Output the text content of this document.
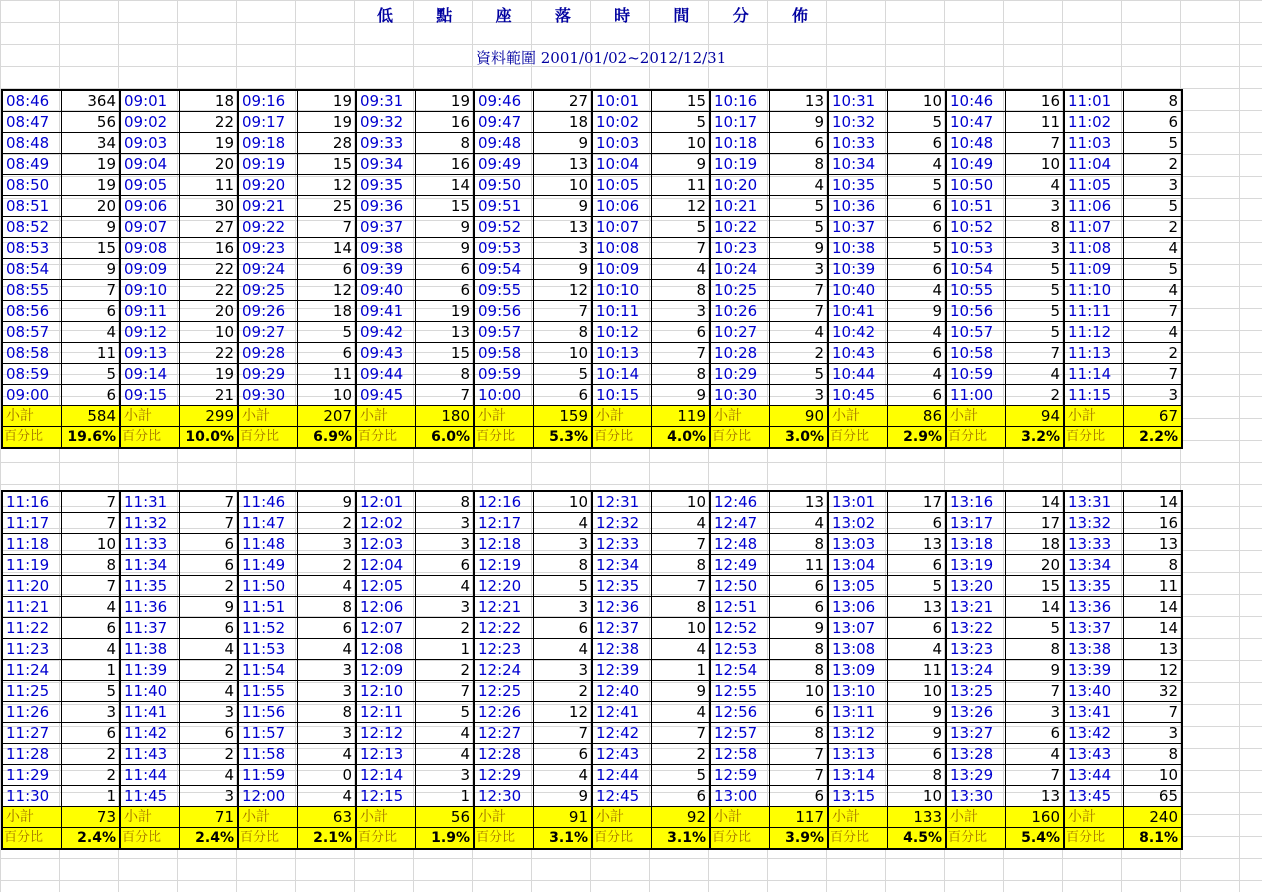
低	點	座	落	時	間	分	佈
資料範圍 2001/01/02~2012/12/31
08:46	364	09:01	18	09:16	19	09:31	19	09:46	27	10:01	15	10:16	13	10:31	10	10:46	16	11:01	8
08:47	56	09:02	22	09:17	19	09:32	16	09:47	18	10:02	5	10:17	9	10:32	5	10:47	11	11:02	6
08:48	34	09:03	19	09:18	28	09:33	8	09:48	9	10:03	10	10:18	6	10:33	6	10:48	7	11:03	5
08:49	19	09:04	20	09:19	15	09:34	16	09:49	13	10:04	9	10:19	8	10:34	4	10:49	10	11:04	2
08:50	19	09:05	11	09:20	12	09:35	14	09:50	10	10:05	11	10:20	4	10:35	5	10:50	4	11:05	3
08:51	20	09:06	30	09:21	25	09:36	15	09:51	9	10:06	12	10:21	5	10:36	6	10:51	3	11:06	5
08:52	9	09:07	27	09:22	7	09:37	9	09:52	13	10:07	5	10:22	5	10:37	6	10:52	8	11:07	2
08:53	15	09:08	16	09:23	14	09:38	9	09:53	3	10:08	7	10:23	9	10:38	5	10:53	3	11:08	4
08:54	9	09:09	22	09:24	6	09:39	6	09:54	9	10:09	4	10:24	3	10:39	6	10:54	5	11:09	5
08:55	7	09:10	22	09:25	12	09:40	6	09:55	12	10:10	8	10:25	7	10:40	4	10:55	5	11:10	4
08:56	6	09:11	20	09:26	18	09:41	19	09:56	7	10:11	3	10:26	7	10:41	9	10:56	5	11:11	7
08:57	4	09:12	10	09:27	5	09:42	13	09:57	8	10:12	6	10:27	4	10:42	4	10:57	5	11:12	4
08:58	11	09:13	22	09:28	6	09:43	15	09:58	10	10:13	7	10:28	2	10:43	6	10:58	7	11:13	2
08:59	5	09:14	19	09:29	11	09:44	8	09:59	5	10:14	8	10:29	5	10:44	4	10:59	4	11:14	7
09:00	6	09:15	21	09:30	10	09:45	7	10:00	6	10:15	9	10:30	3	10:45	6	11:00	2	11:15	3
小計	584	小計	299	小計	207	小計	180	小計	159	小計	119	小計	90	小計	86	小計	94	小計	67
百分比	19.6%	百分比	10.0%	百分比	6.9%	百分比	6.0%	百分比	5.3%	百分比	4.0%	百分比	3.0%	百分比	2.9%	百分比	3.2%	百分比	2.2%
11:16	7	11:31	7	11:46	9	12:01	8	12:16	10	12:31	10	12:46	13	13:01	17	13:16	14	13:31	14
11:17	7	11:32	7	11:47	2	12:02	3	12:17	4	12:32	4	12:47	4	13:02	6	13:17	17	13:32	16
11:18	10	11:33	6	11:48	3	12:03	3	12:18	3	12:33	7	12:48	8	13:03	13	13:18	18	13:33	13
11:19	8	11:34	6	11:49	2	12:04	6	12:19	8	12:34	8	12:49	11	13:04	6	13:19	20	13:34	8
11:20	7	11:35	2	11:50	4	12:05	4	12:20	5	12:35	7	12:50	6	13:05	5	13:20	15	13:35	11
11:21	4	11:36	9	11:51	8	12:06	3	12:21	3	12:36	8	12:51	6	13:06	13	13:21	14	13:36	14
11:22	6	11:37	6	11:52	6	12:07	2	12:22	6	12:37	10	12:52	9	13:07	6	13:22	5	13:37	14
11:23	4	11:38	4	11:53	4	12:08	1	12:23	4	12:38	4	12:53	8	13:08	4	13:23	8	13:38	13
11:24	1	11:39	2	11:54	3	12:09	2	12:24	3	12:39	1	12:54	8	13:09	11	13:24	9	13:39	12
11:25	5	11:40	4	11:55	3	12:10	7	12:25	2	12:40	9	12:55	10	13:10	10	13:25	7	13:40	32
11:26	3	11:41	3	11:56	8	12:11	5	12:26	12	12:41	4	12:56	6	13:11	9	13:26	3	13:41	7
11:27	6	11:42	6	11:57	3	12:12	4	12:27	7	12:42	7	12:57	8	13:12	9	13:27	6	13:42	3
11:28	2	11:43	2	11:58	4	12:13	4	12:28	6	12:43	2	12:58	7	13:13	6	13:28	4	13:43	8
11:29	2	11:44	4	11:59	0	12:14	3	12:29	4	12:44	5	12:59	7	13:14	8	13:29	7	13:44	10
11:30	1	11:45	3	12:00	4	12:15	1	12:30	9	12:45	6	13:00	6	13:15	10	13:30	13	13:45	65
小計	73	小計	71	小計	63	小計	56	小計	91	小計	92	小計	117	小計	133	小計	160	小計	240
百分比	2.4%	百分比	2.4%	百分比	2.1%	百分比	1.9%	百分比	3.1%	百分比	3.1%	百分比	3.9%	百分比	4.5%	百分比	5.4%	百分比	8.1%
